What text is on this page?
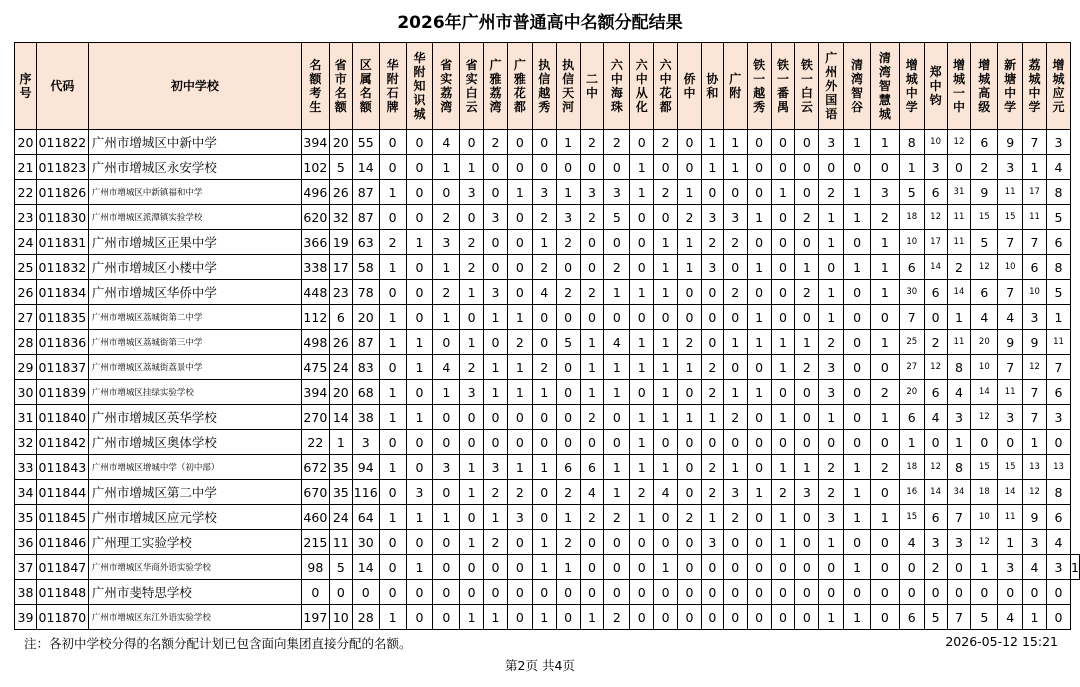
2026年广州市普通高中名额分配结果
序号	代码	初中学校	名额考生	省市名额	区属名额	华附石牌	华附知识城	省实荔湾	省实白云	广雅荔湾	广雅花都	执信越秀	执信天河	二中	六中海珠	六中从化	六中花都	侨中	协和	广附	铁一越秀	铁一番禺	铁一白云	广州外国语	清湾智谷	清湾智慧城	增城中学	郑中钧	增城一中	增城高级	新塘中学	荔城中学	增城应元	
20	011822	广州市增城区中新中学	394	20	55	0	0	4	0	2	0	0	1	2	2	0	2	0	1	1	0	0	0	3	1	1	8	10	12	6	9	7	3	
21	011823	广州市增城区永安学校	102	5	14	0	0	1	1	0	0	0	0	0	0	1	0	0	1	1	0	0	0	0	0	0	1	3	0	2	3	1	4	
22	011826	广州市增城区中新镇福和中学	496	26	87	1	0	0	3	0	1	3	1	3	3	1	2	1	0	0	0	1	0	2	1	3	5	6	31	9	11	17	8	
23	011830	广州市增城区派潭镇实验学校	620	32	87	0	0	2	0	3	0	2	3	2	5	0	0	2	3	3	1	0	2	1	1	2	18	12	11	15	15	11	5	
24	011831	广州市增城区正果中学	366	19	63	2	1	3	2	0	0	1	2	0	0	0	1	1	2	2	0	0	0	1	0	1	10	17	11	5	7	7	6	
25	011832	广州市增城区小楼中学	338	17	58	1	0	1	2	0	0	2	0	0	2	0	1	1	3	0	1	0	1	0	1	1	6	14	2	12	10	6	8	
26	011834	广州市增城区华侨中学	448	23	78	0	0	2	1	3	0	4	2	2	1	1	1	0	0	2	0	0	2	1	0	1	30	6	14	6	7	10	5	
27	011835	广州市增城区荔城街第二中学	112	6	20	1	0	1	0	1	1	0	0	0	0	0	0	0	0	0	1	0	0	1	0	0	7	0	1	4	4	3	1	
28	011836	广州市增城区荔城街第三中学	498	26	87	1	1	0	1	0	2	0	5	1	4	1	1	2	0	1	1	1	1	2	0	1	25	2	11	20	9	9	11	
29	011837	广州市增城区荔城街荔景中学	475	24	83	0	1	4	2	1	1	2	0	1	1	1	1	1	2	0	0	1	2	3	0	0	27	12	8	10	7	12	7	
30	011839	广州市增城区挂绿实验学校	394	20	68	1	0	1	3	1	1	1	0	1	1	0	1	0	2	1	1	0	0	3	0	2	20	6	4	14	11	7	6	
31	011840	广州市增城区英华学校	270	14	38	1	1	0	0	0	0	0	0	2	0	1	1	1	1	2	0	1	0	1	0	1	6	4	3	12	3	7	3	
32	011842	广州市增城区奥体学校	22	1	3	0	0	0	0	0	0	0	0	0	0	1	0	0	0	0	0	0	0	0	0	0	1	0	1	0	0	1	0	
33	011843	广州市增城区增城中学（初中部）	672	35	94	1	0	3	1	3	1	1	6	6	1	1	1	0	2	1	0	1	1	2	1	2	18	12	8	15	15	13	13	
34	011844	广州市增城区第二中学	670	35	116	0	3	0	1	2	2	0	2	4	1	2	4	0	2	3	1	2	3	2	1	0	16	14	34	18	14	12	8	
35	011845	广州市增城区应元学校	460	24	64	1	1	1	0	1	3	0	1	2	2	1	0	2	1	2	0	1	0	3	1	1	15	6	7	10	11	9	6	
36	011846	广州理工实验学校	215	11	30	0	0	0	1	2	0	1	2	0	0	0	0	0	3	0	0	1	0	1	0	0	4	3	3	12	1	3	4	
37	011847	广州市增城区华商外语实验学校	98	5	14	0	1	0	0	0	0	1	1	0	0	0	1	0	0	0	0	0	0	0	1	0	0	2	0	1	3	4	3	1
38	011848	广州市斐特思学校	0	0	0	0	0	0	0	0	0	0	0	0	0	0	0	0	0	0	0	0	0	0	0	0	0	0	0	0	0	0	0	
39	011870	广州市增城区东江外语实验学校	197	10	28	1	0	0	1	1	0	1	0	1	2	0	0	0	0	0	0	0	0	1	1	0	6	5	7	5	4	1	0	
注：各初中学校分得的名额分配计划已包含面向集团直接分配的名额。	2026-05-12 15:21
第2页 共4页
